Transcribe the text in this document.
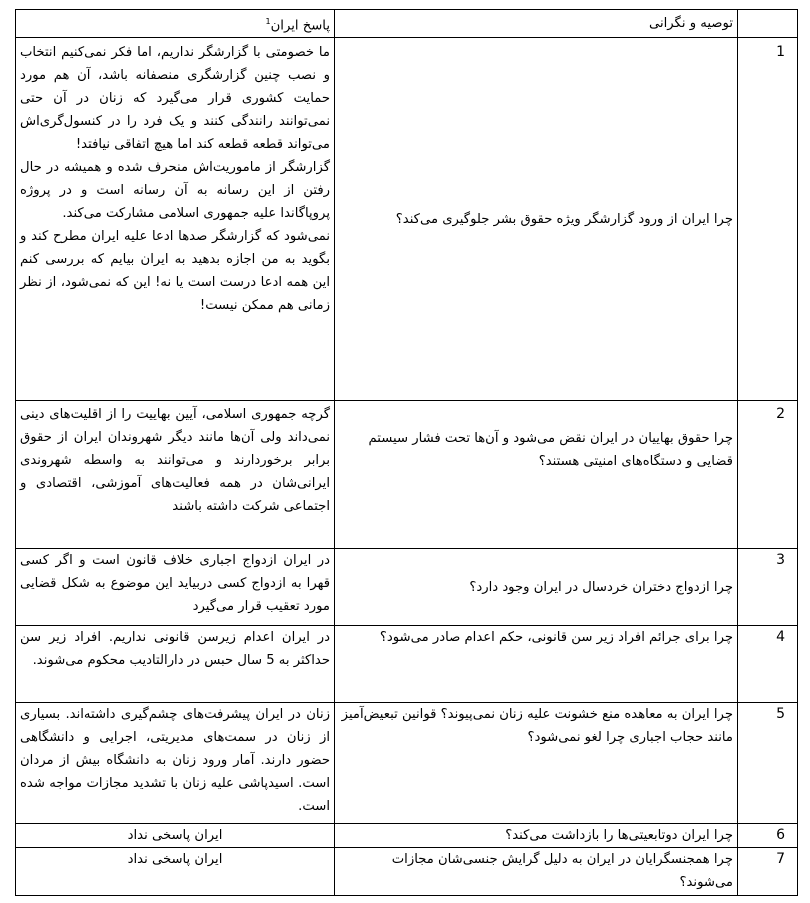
پاسخ ایران$^1$	توصیه و نگرانی	

ما خصومتی با گزارشگر نداریم، اما فکر نمی‌کنیم انتخاب و نصب چنین گزارشگری منصفانه باشد، آن هم مورد حمایت کشوری قرار می‌گیرد که زنان در آن حتی نمی‌توانند رانندگی کنند و یک فرد را در کنسول‌گری‌اش می‌تواند قطعه قطعه کند اما هیچ اتفاقی نیافتد!
گزارشگر از ماموریت‌اش منحرف شده و همیشه در حال رفتن از این رسانه به آن رسانه است و در پروژه پروپاگاندا علیه جمهوری اسلامی مشارکت می‌کند.
نمی‌شود که گزارشگر صدها ادعا علیه ایران مطرح کند و بگوید به من اجازه بدهید به ایران بیایم که بررسی کنم این همه ادعا درست است یا نه! این که نمی‌شود، از نظر زمانی هم ممکن نیست!	چرا ایران از ورود گزارشگر ویژه حقوق بشر جلوگیری می‌کند؟	1

گرچه جمهوری اسلامی، آیین بهاییت را از اقلیت‌های دینی نمی‌داند ولی آن‌ها مانند دیگر شهروندان ایران از حقوق برابر برخوردارند و می‌توانند به واسطه شهروندی ایرانی‌شان در همه فعالیت‌های آموزشی، اقتصادی و اجتماعی شرکت داشته باشند	چرا حقوق بهاییان در ایران نقض می‌شود و آن‌ها تحت فشار سیستم قضایی و دستگاه‌های امنیتی هستند؟	2

در ایران ازدواج اجباری خلاف قانون است و اگر کسی قهرا به ازدواج کسی دربیاید این موضوع به شکل قضایی مورد تعقیب قرار می‌گیرد	چرا ازدواج دختران خردسال در ایران وجود دارد؟	3

در ایران اعدام زیرسن قانونی نداریم. افراد زیر سن حداکثر به 5 سال حبس در دارالتادیب محکوم می‌شوند.	چرا برای جرائم افراد زیر سن قانونی، حکم اعدام صادر می‌شود؟	4

زنان در ایران پیشرفت‌های چشم‌گیری داشته‌اند. بسیاری از زنان در سمت‌های مدیریتی، اجرایی و دانشگاهی حضور دارند. آمار ورود زنان به دانشگاه بیش از مردان است. اسیدپاشی علیه زنان با تشدید مجازات مواجه شده است.	چرا ایران به معاهده منع خشونت علیه زنان نمی‌پیوند؟ قوانین تبعیض‌آمیز مانند حجاب اجباری چرا لغو نمی‌شود؟	5

ایران پاسخی نداد	چرا ایران دوتابعیتی‌ها را بازداشت می‌کند؟	6

ایران پاسخی نداد	چرا همجنسگرایان در ایران به دلیل گرایش جنسی‌شان مجازات می‌شوند؟	7
